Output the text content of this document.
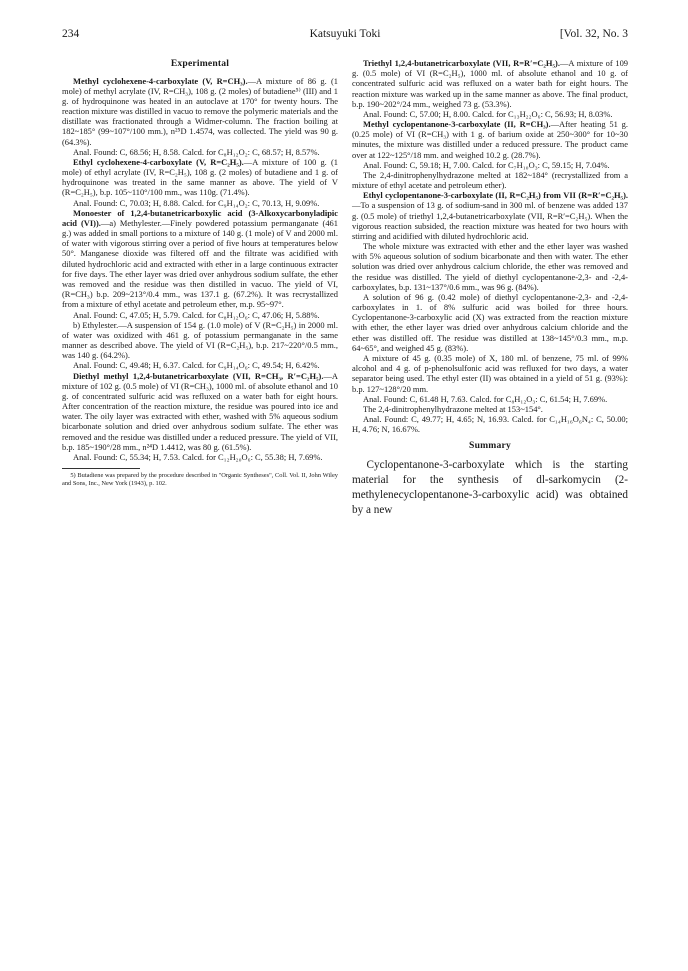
234	Katsuyuki Toki	[Vol. 32, No. 3
Experimental

Methyl cyclohexene-4-carboxylate (V, R=CH₃).—A mixture of 86 g. (1 mole) of methyl acrylate (IV, R=CH₃), 108 g. (2 moles) of butadiene⁵⁾ (III) and 1 g. of hydroquinone was heated in an autoclave at 170° for twenty hours. The reaction mixture was distilled in vacuo to remove the polymeric materials and the distillate was fractionated through a Widmer-column. The fraction boiling at 182~185° (99~107°/100 mm.), n²⁵D 1.4574, was collected. The yield was 90 g. (64.3%).

Anal. Found: C, 68.56; H, 8.58. Calcd. for C₈H₁₂O₂: C, 68.57; H, 8.57%.

Ethyl cyclohexene-4-carboxylate (V, R=C₂H₅).—A mixture of 100 g. (1 mole) of ethyl acrylate (IV, R=C₂H₅), 108 g. (2 moles) of butadiene and 1 g. of hydroquinone was treated in the same manner as above. The yield of V (R=C₂H₅), b.p. 105~110°/100 mm., was 110g. (71.4%).

Anal. Found: C, 70.03; H, 8.88. Calcd. for C₉H₁₄O₂: C, 70.13, H, 9.09%.

Monoester of 1,2,4-butanetricarboxylic acid (3-Alkoxycarbonyladipic acid (VI)).—a) Methylester.—Finely powdered potassium permanganate (461 g.) was added in small portions to a mixture of 140 g. (1 mole) of V and 2000 ml. of water with vigorous stirring over a period of five hours at temperatures below 50°. Manganese dioxide was filtered off and the filtrate was acidified with diluted hydrochloric acid and extracted with ether in a large continuous extracter for five days. The ether layer was dried over anhydrous sodium sulfate, the ether was removed and the residue was then distilled in vacuo. The yield of VI, (R=CH₃) b.p. 209~213°/0.4 mm., was 137.1 g. (67.2%). It was recrystallized from a mixture of ethyl acetate and petroleum ether, m.p. 95~97°.

Anal. Found: C, 47.05; H, 5.79. Calcd. for C₈H₁₂O₆: C, 47.06; H, 5.88%.

b) Ethylester.—A suspension of 154 g. (1.0 mole) of V (R=C₂H₅) in 2000 ml. of water was oxidized with 461 g. of potassium permanganate in the same manner as described above. The yield of VI (R=C₂H₅), b.p. 217~220°/0.5 mm., was 140 g. (64.2%).

Anal. Found: C, 49.48; H, 6.37. Calcd. for C₉H₁₄O₆: C, 49.54; H, 6.42%.

Diethyl methyl 1,2,4-butanetricarboxylate (VII, R=CH₃, R′=C₂H₅).—A mixture of 102 g. (0.5 mole) of VI (R=CH₃), 1000 ml. of absolute ethanol and 10 g. of concentrated sulfuric acid was refluxed on a water bath for eight hours. After concentration of the reaction mixture, the residue was poured into ice and water. The oily layer was extracted with ether, washed with 5% aqueous sodium bicarbonate solution and dried over anhydrous sodium sulfate. The ether was removed and the residue was distilled under a reduced pressure. The yield of VII, b.p. 185~190°/28 mm., n²⁴D 1.4412, was 80 g. (61.5%).

Anal. Found: C, 55.34; H, 7.53. Calcd. for C₁₂H₂₀O₆: C, 55.38; H, 7.69%.

5) Butadiene was prepared by the procedure described in "Organic Syntheses", Coll. Vol. II, John Wiley and Sons, Inc., New York (1943), p. 102.

Triethyl 1,2,4-butanetricarboxylate (VII, R=R′=C₂H₅).—A mixture of 109 g. (0.5 mole) of VI (R=C₂H₅), 1000 ml. of absolute ethanol and 10 g. of concentrated sulfuric acid was refluxed on a water bath for eight hours. The reaction mixture was warked up in the same manner as above. The final product, b.p. 190~202°/24 mm., weighed 73 g. (53.3%).

Anal. Found: C, 57.00; H, 8.00. Calcd. for C₁₃H₂₂O₆: C, 56.93; H, 8.03%.

Methyl cyclopentanone-3-carboxylate (II, R=CH₃).—After heating 51 g. (0.25 mole) of VI (R=CH₃) with 1 g. of barium oxide at 250~300° for 10~30 minutes, the mixture was distilled under a reduced pressure. The product came over at 122~125°/18 mm. and weighed 10.2 g. (28.7%).

Anal. Found: C, 59.18; H, 7.00. Calcd. for C₇H₁₀O₃: C, 59.15; H, 7.04%.

The 2,4-dinitrophenylhydrazone melted at 182~184° (recrystallized from a mixture of ethyl acetate and petroleum ether).

Ethyl cyclopentanone-3-carboxylate (II, R=C₂H₅) from VII (R=R′=C₂H₅).—To a suspension of 13 g. of sodium-sand in 300 ml. of benzene was added 137 g. (0.5 mole) of triethyl 1,2,4-butanetricarboxylate (VII, R=R′=C₂H₅). When the vigorous reaction subsided, the reaction mixture was heated for two hours with stirring and acidified with diluted hydrochloric acid.

The whole mixture was extracted with ether and the ether layer was washed with 5% aqueous solution of sodium bicarbonate and then with water. The ether solution was dried over anhydrous calcium chloride, the ether was removed and the residue was distilled. The yield of diethyl cyclopentanone-2,3- and -2,4-carboxylates, b.p. 131~137°/0.6 mm., was 96 g. (84%).

A solution of 96 g. (0.42 mole) of diethyl cyclopentanone-2,3- and -2,4-carboxylates in 1. of 8% sulfuric acid was boiled for three hours. Cyclopentanone-3-carboxylic acid (X) was extracted from the reaction mixture with ether, the ether layer was dried over anhydrous calcium chloride and the ether was distilled off. The residue was distilled at 138~145°/0.3 mm., m.p. 64~65°, and weighed 45 g. (83%).

A mixture of 45 g. (0.35 mole) of X, 180 ml. of benzene, 75 ml. of 99% alcohol and 4 g. of p-phenolsulfonic acid was refluxed for two days, a water separator being used. The ethyl ester (II) was obtained in a yield of 51 g. (93%): b.p. 127~128°/20 mm.

Anal. Found: C, 61.48 H, 7.63. Calcd. for C₈H₁₂O₃: C, 61.54; H, 7.69%.

The 2,4-dinitrophenylhydrazone melted at 153~154°.

Anal. Found: C, 49.77; H, 4.65; N, 16.93. Calcd. for C₁₄H₁₆O₆N₄: C, 50.00; H, 4.76; N, 16.67%.

Summary

Cyclopentanone-3-carboxylate which is the starting material for the synthesis of dl-sarkomycin (2-methylenecyclopentanone-3-carboxylic acid) was obtained by a new
